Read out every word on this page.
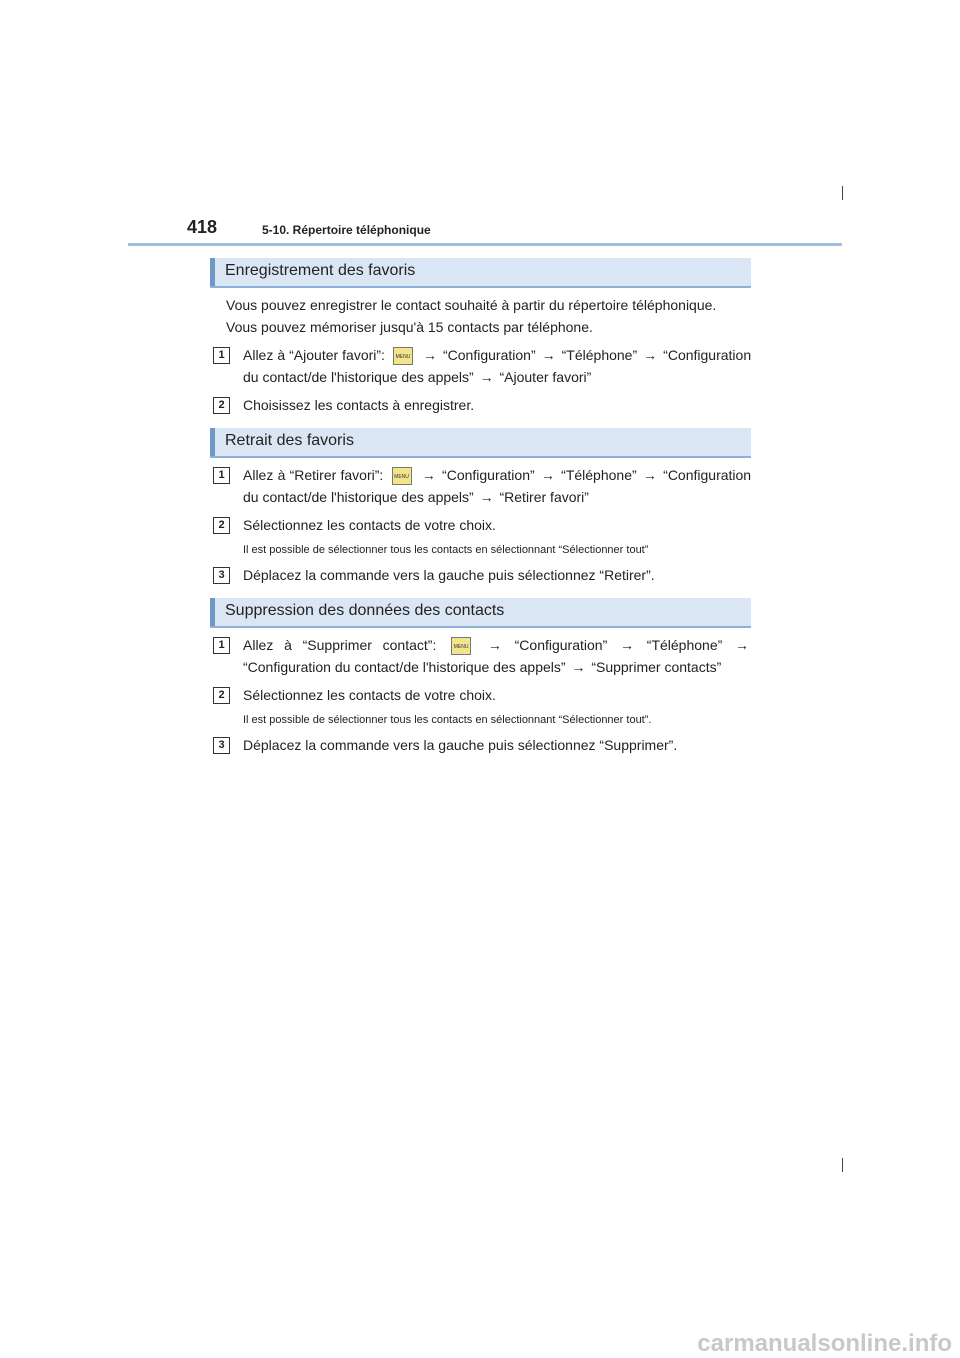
418	5-10. Répertoire téléphonique
Enregistrement des favoris
Vous pouvez enregistrer le contact souhaité à partir du répertoire téléphonique.
Vous pouvez mémoriser jusqu'à 15 contacts par téléphone.
1	Allez à “Ajouter favori”: MENU → “Configuration” → “Téléphone” → “Configuration du contact/de l'historique des appels” → “Ajouter favori”
2	Choisissez les contacts à enregistrer.
Retrait des favoris
1	Allez à “Retirer favori”: MENU → “Configuration” → “Téléphone” → “Configuration du contact/de l'historique des appels” → “Retirer favori”
2	Sélectionnez les contacts de votre choix.
Il est possible de sélectionner tous les contacts en sélectionnant “Sélectionner tout”
3	Déplacez la commande vers la gauche puis sélectionnez “Retirer”.
Suppression des données des contacts
1	Allez à “Supprimer contact”:	MENU → “Configuration” → “Téléphone” → “Configuration du contact/de l'historique des appels” → “Supprimer contacts”
2	Sélectionnez les contacts de votre choix.
Il est possible de sélectionner tous les contacts en sélectionnant “Sélectionner tout”.
3	Déplacez la commande vers la gauche puis sélectionnez “Supprimer”.
carmanualsonline.info
